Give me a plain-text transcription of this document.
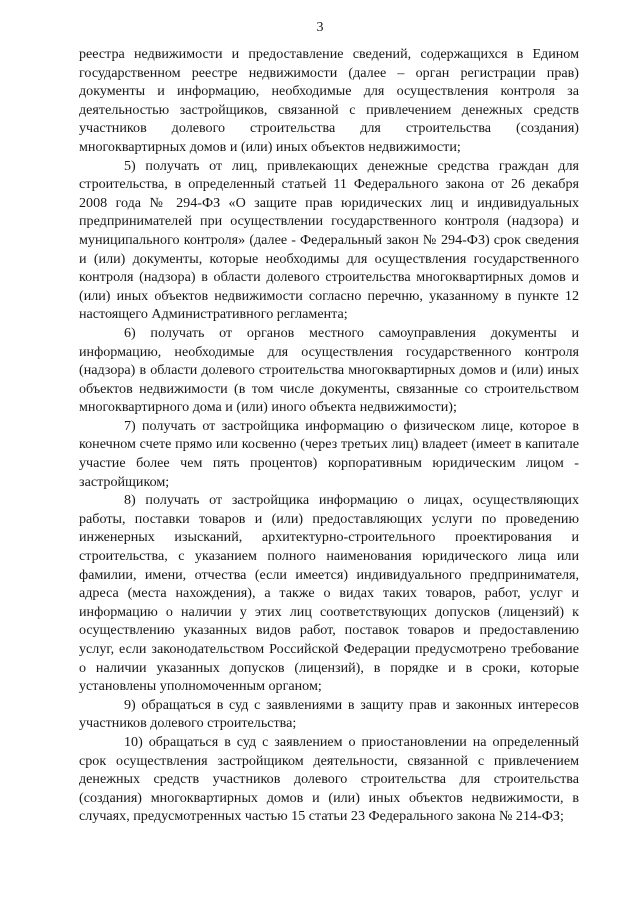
3

реестра недвижимости и предоставление сведений, содержащихся в Едином государственном реестре недвижимости (далее – орган регистрации прав) документы и информацию, необходимые для осуществления контроля за деятельностью застройщиков, связанной с привлечением денежных средств участников долевого строительства для строительства (создания) многоквартирных домов и (или) иных объектов недвижимости;

5) получать от лиц, привлекающих денежные средства граждан для строительства, в определенный статьей 11 Федерального закона от 26 декабря 2008 года № 294-ФЗ «О защите прав юридических лиц и индивидуальных предпринимателей при осуществлении государственного контроля (надзора) и муниципального контроля» (далее - Федеральный закон № 294-ФЗ) срок сведения и (или) документы, которые необходимы для осуществления государственного контроля (надзора) в области долевого строительства многоквартирных домов и (или) иных объектов недвижимости согласно перечню, указанному в пункте 12 настоящего Административного регламента;

6) получать от органов местного самоуправления документы и информацию, необходимые для осуществления государственного контроля (надзора) в области долевого строительства многоквартирных домов и (или) иных объектов недвижимости (в том числе документы, связанные со строительством многоквартирного дома и (или) иного объекта недвижимости);

7) получать от застройщика информацию о физическом лице, которое в конечном счете прямо или косвенно (через третьих лиц) владеет (имеет в капитале участие более чем пять процентов) корпоративным юридическим лицом - застройщиком;

8) получать от застройщика информацию о лицах, осуществляющих работы, поставки товаров и (или) предоставляющих услуги по проведению инженерных изысканий, архитектурно-строительного проектирования и строительства, с указанием полного наименования юридического лица или фамилии, имени, отчества (если имеется) индивидуального предпринимателя, адреса (места нахождения), а также о видах таких товаров, работ, услуг и информацию о наличии у этих лиц соответствующих допусков (лицензий) к осуществлению указанных видов работ, поставок товаров и предоставлению услуг, если законодательством Российской Федерации предусмотрено требование о наличии указанных допусков (лицензий), в порядке и в сроки, которые установлены уполномоченным органом;

9) обращаться в суд с заявлениями в защиту прав и законных интересов участников долевого строительства;

10) обращаться в суд с заявлением о приостановлении на определенный срок осуществления застройщиком деятельности, связанной с привлечением денежных средств участников долевого строительства для строительства (создания) многоквартирных домов и (или) иных объектов недвижимости, в случаях, предусмотренных частью 15 статьи 23 Федерального закона № 214-ФЗ;
